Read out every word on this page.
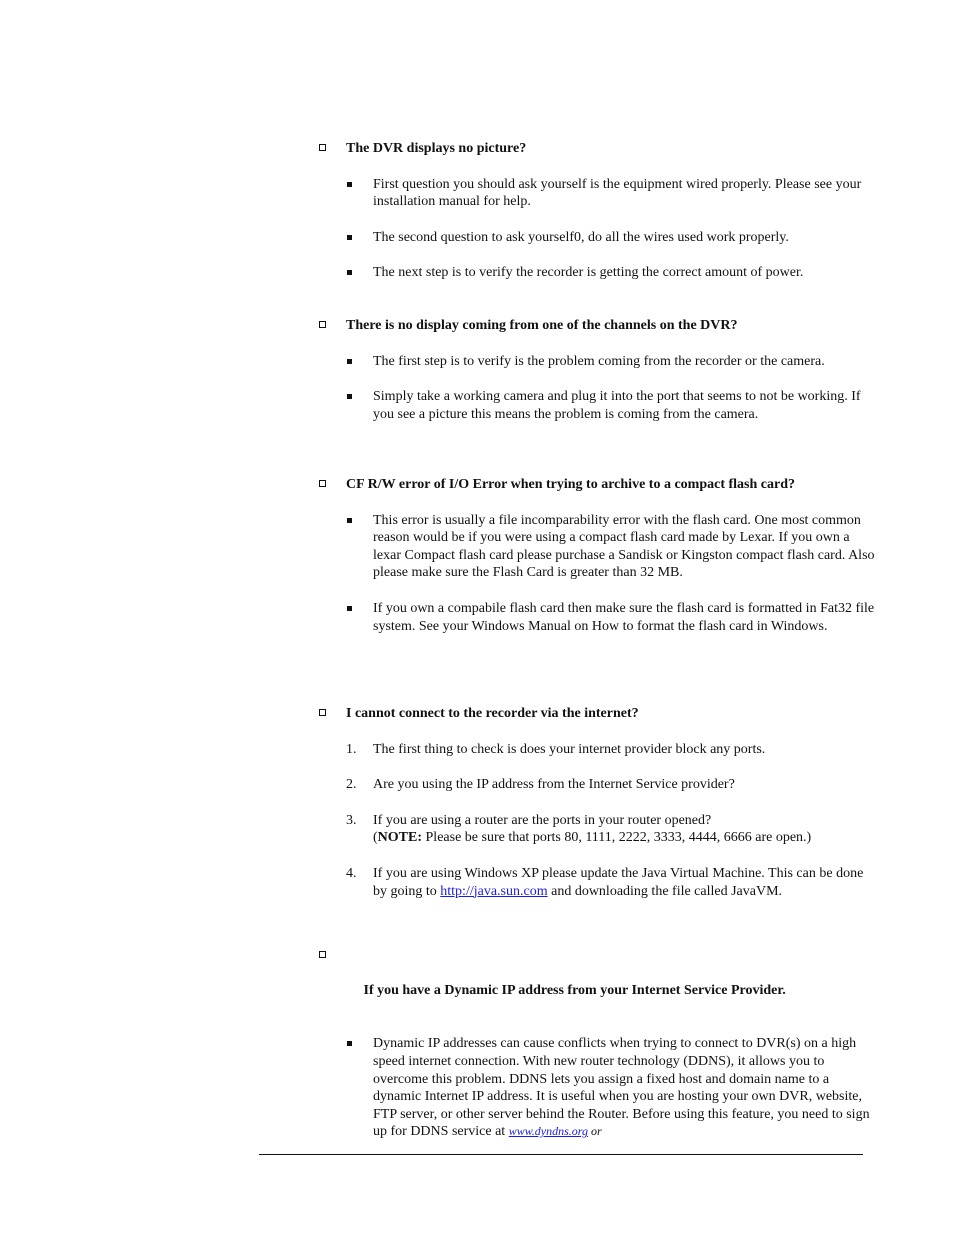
The DVR displays no picture?
First question you should ask yourself is the equipment wired properly. Please see your installation manual for help.
The second question to ask yourself0, do all the wires used work properly.
The next step is to verify the recorder is getting the correct amount of power.
There is no display coming from one of the channels on the DVR?
The first step is to verify is the problem coming from the recorder or the camera.
Simply take a working camera and plug it into the port that seems to not be working. If you see a picture this means the problem is coming from the camera.
CF R/W error of I/O Error when trying to archive to a compact flash card?
This error is usually a file incomparability error with the flash card. One most common reason would be if you were using a compact flash card made by Lexar. If you own a lexar Compact flash card please purchase a Sandisk or Kingston compact flash card. Also please make sure the Flash Card is greater than 32 MB.
If you own a compabile flash card then make sure the flash card is formatted in Fat32 file system. See your Windows Manual on How to format the flash card in Windows.
I cannot connect to the recorder via the internet?
1. The first thing to check is does your internet provider block any ports.
2. Are you using the IP address from the Internet Service provider?
3. If you are using a router are the ports in your router opened?
(NOTE: Please be sure that ports 80, 1111, 2222, 3333, 4444, 6666 are open.)
4. If you are using Windows XP please update the Java Virtual Machine. This can be done by going to http://java.sun.com and downloading the file called JavaVM.

If you have a Dynamic IP address from your Internet Service Provider.

Dynamic IP addresses can cause conflicts when trying to connect to DVR(s) on a high speed internet connection. With new router technology (DDNS), it allows you to overcome this problem. DDNS lets you assign a fixed host and domain name to a dynamic Internet IP address. It is useful when you are hosting your own DVR, website, FTP server, or other server behind the Router. Before using this feature, you need to sign up for DDNS service at www.dyndns.org or
